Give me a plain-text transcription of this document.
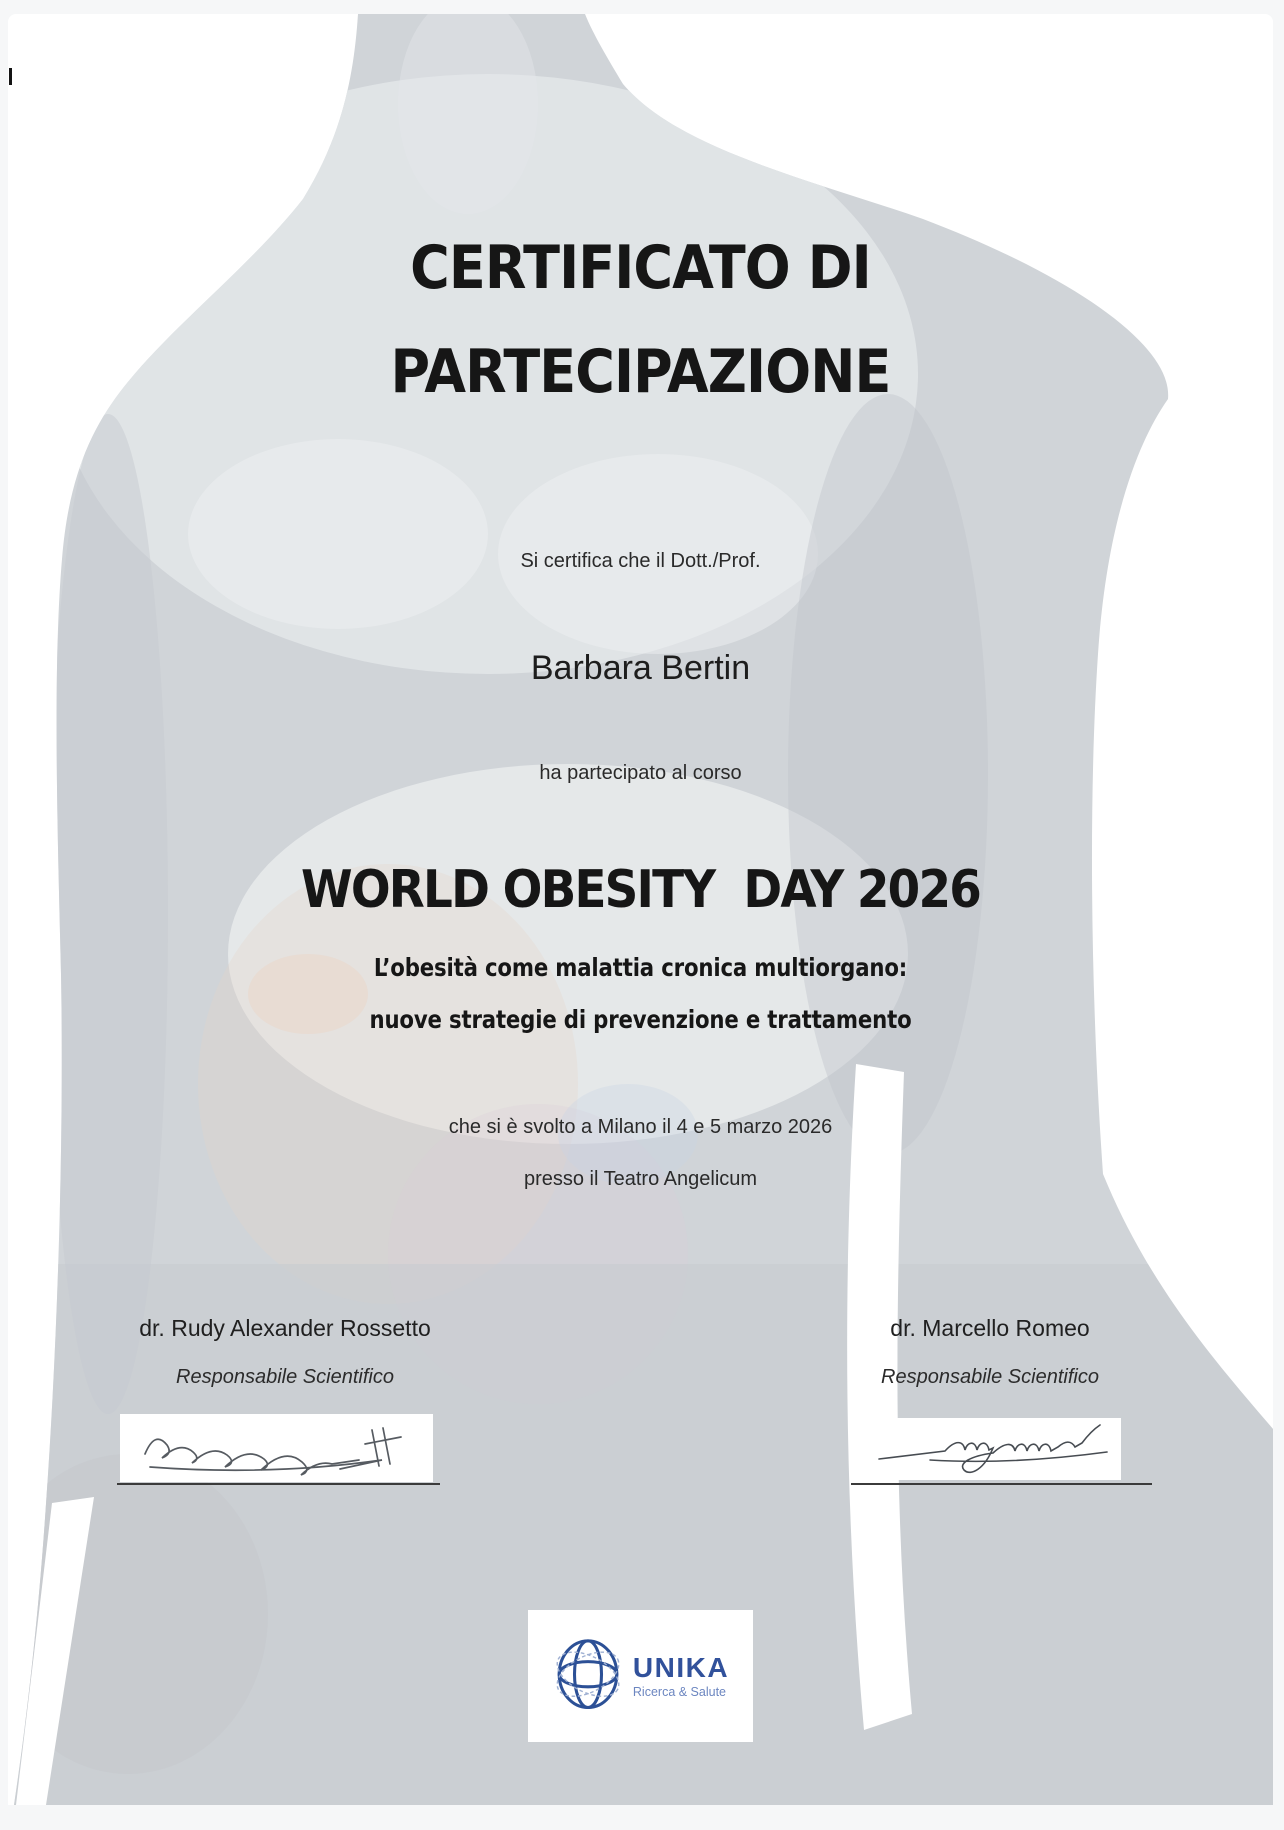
CERTIFICATO DI
PARTECIPAZIONE
Si certifica che il Dott./Prof.
Barbara Bertin
ha partecipato al corso
WORLD OBESITY  DAY 2026
L’obesità come malattia cronica multiorgano:
nuove strategie di prevenzione e trattamento
che si è svolto a Milano il 4 e 5 marzo 2026
presso il Teatro Angelicum
dr. Rudy Alexander Rossetto
Responsabile Scientifico
dr. Marcello Romeo
Responsabile Scientifico
UNIKA
Ricerca & Salute
